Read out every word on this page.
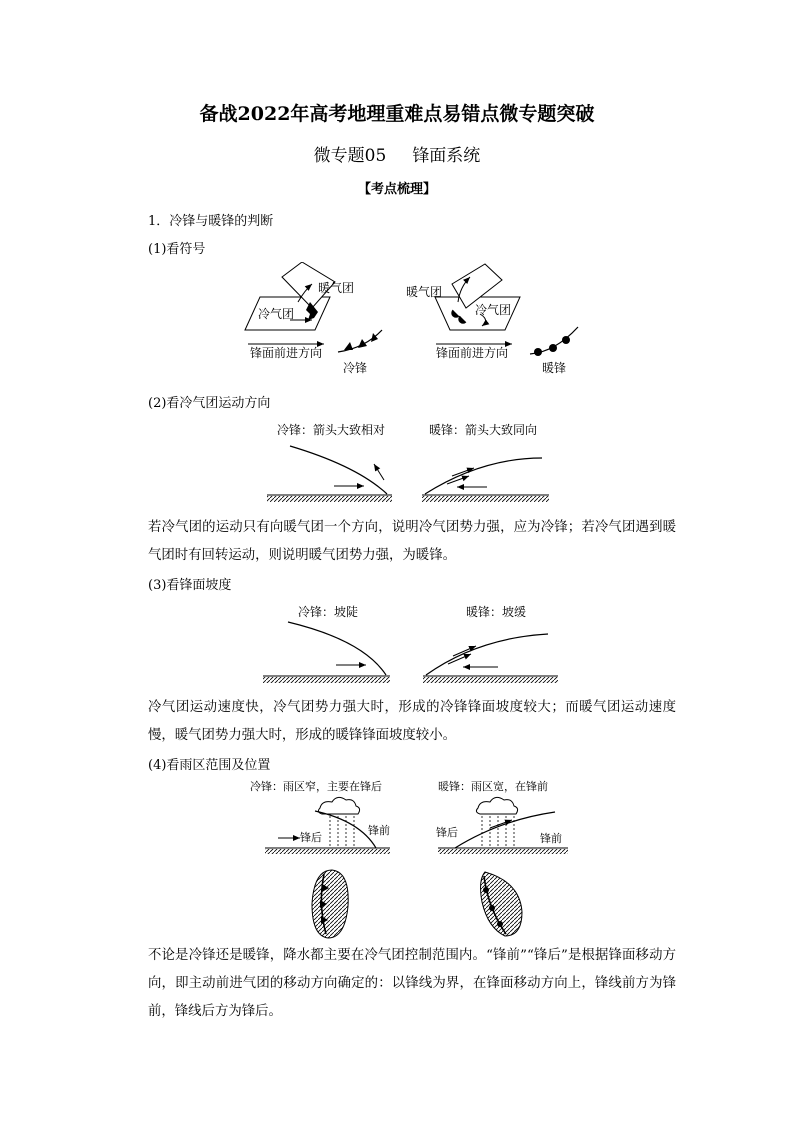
备战2022年高考地理重难点易错点微专题突破
微专题05 锋面系统
【考点梳理】
1．冷锋与暖锋的判断
(1)看符号
冷气团
暖气团
锋面前进方向
冷锋
冷气团
暖气团
锋面前进方向
暖锋
(2)看冷气团运动方向
冷锋：箭头大致相对	暖锋：箭头大致同向

若冷气团的运动只有向暖气团一个方向，说明冷气团势力强，应为冷锋；若冷气团遇到暖气团时有回转运动，则说明暖气团势力强，为暖锋。

(3)看锋面坡度
冷锋：坡陡	暖锋：坡缓

冷气团运动速度快，冷气团势力强大时，形成的冷锋锋面坡度较大；而暖气团运动速度慢，暖气团势力强大时，形成的暖锋锋面坡度较小。

(4)看雨区范围及位置
冷锋：雨区窄，主要在锋后	暖锋：雨区宽，在锋前
锋后
锋前	锋后	锋前

不论是冷锋还是暖锋，降水都主要在冷气团控制范围内。“锋前”“锋后”是根据锋面移动方向，即主动前进气团的移动方向确定的：以锋线为界，在锋面移动方向上，锋线前方为锋前，锋线后方为锋后。
